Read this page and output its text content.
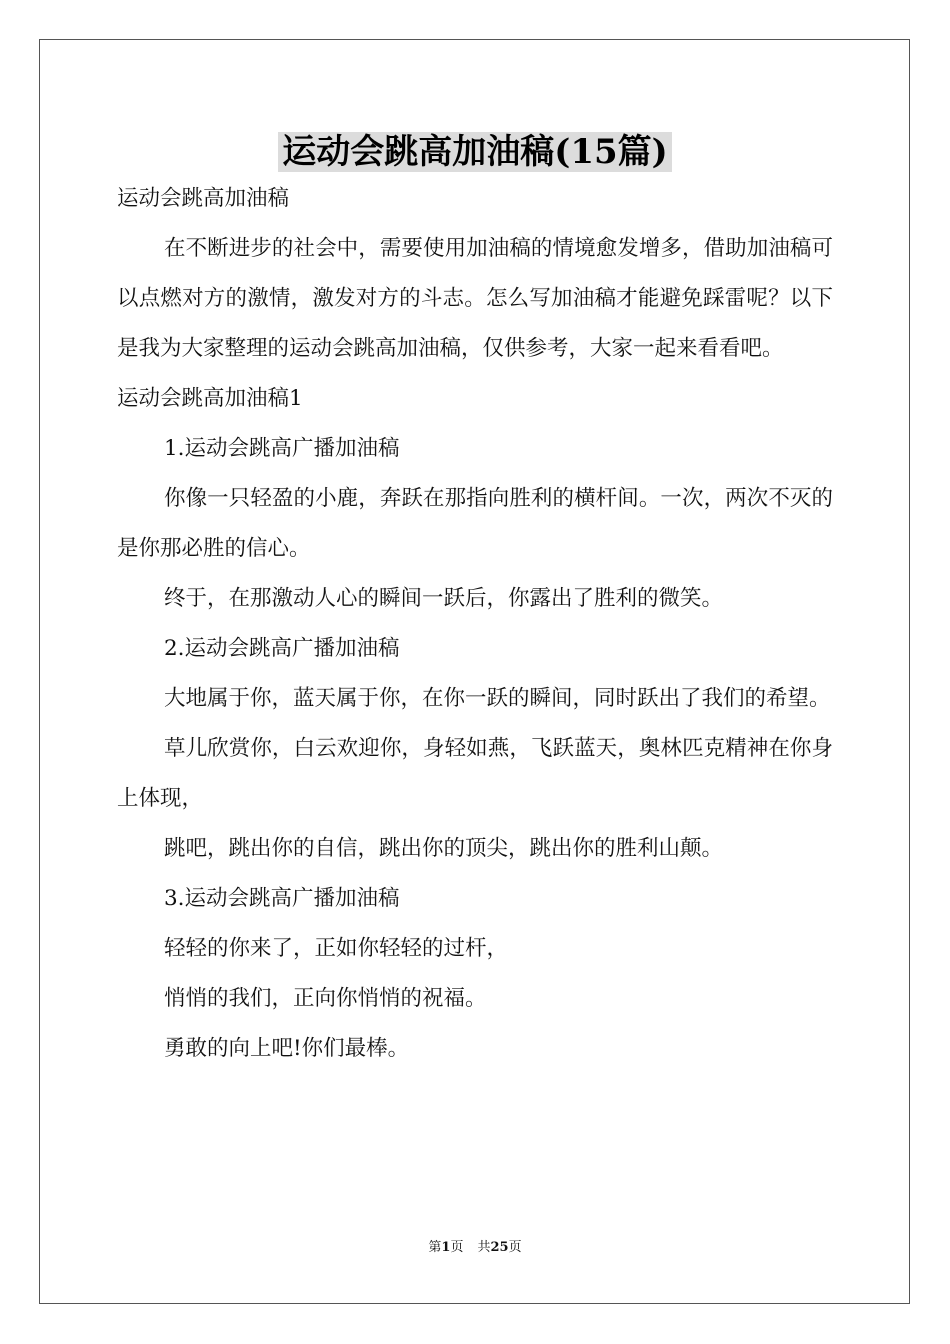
运动会跳高加油稿(15篇)

运动会跳高加油稿

在不断进步的社会中，需要使用加油稿的情境愈发增多，借助加油稿可以点燃对方的激情，激发对方的斗志。怎么写加油稿才能避免踩雷呢？以下是我为大家整理的运动会跳高加油稿，仅供参考，大家一起来看看吧。

运动会跳高加油稿1

1.运动会跳高广播加油稿

你像一只轻盈的小鹿，奔跃在那指向胜利的横杆间。一次，两次不灭的是你那必胜的信心。

终于，在那激动人心的瞬间一跃后，你露出了胜利的微笑。

2.运动会跳高广播加油稿

大地属于你，蓝天属于你，在你一跃的瞬间，同时跃出了我们的希望。

草儿欣赏你，白云欢迎你，身轻如燕，飞跃蓝天，奥林匹克精神在你身上体现，

跳吧，跳出你的自信，跳出你的顶尖，跳出你的胜利山颠。

3.运动会跳高广播加油稿

轻轻的你来了，正如你轻轻的过杆，

悄悄的我们，正向你悄悄的祝福。

勇敢的向上吧!你们最棒。

第1页 共25页
